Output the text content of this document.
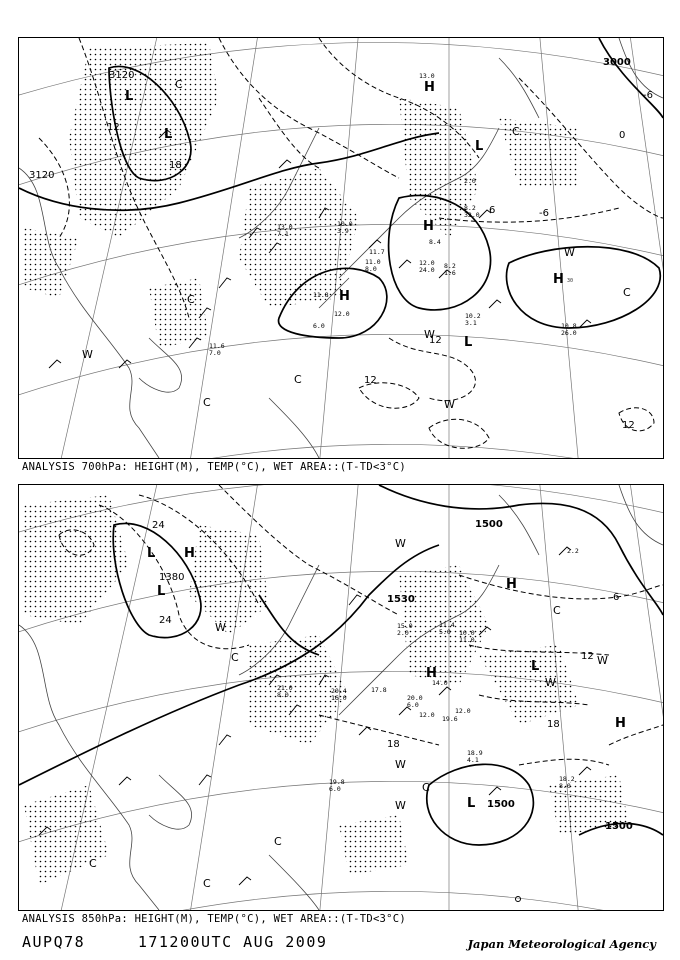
3000
3120
3120
12
12
12
18
-6
-6
0
6
12
L
L
L
H
H
H
H
L
W
W
W
W
C
C
C
C
C
C
10.0
3.9
11.8
6.0
13.0
7.1
11.0
8.0
12.0
24.0 8.2
1.6
10.2
3.1	10.8
26.0
8.4
11.6
7.0
2.0
12.0
8.2
32.0
11.7
13.0
30
ANALYSIS 700hPa: HEIGHT(M), TEMP(°C), WET AREA::(T-TD<3°C)
1500
1500
1500
1380
1530
24
24
18
18
12
6
L
L
H
H
H
H
L
L
W
W
W
W
W
W
C
C
C
C
C
C
21.0
8.0	20.0
6.0
19.8
6.0
18.9
4.1
18.2
8.0
20.4
16.0
11.4
5.0 10.0
11.0
12.0
2.2
19.6
14.0
17.8
15.0
2.0
12.0
ANALYSIS 850hPa: HEIGHT(M), TEMP(°C), WET AREA::(T-TD<3°C)
AUPQ78	171200UTC AUG 2009	Japan Meteorological Agency
